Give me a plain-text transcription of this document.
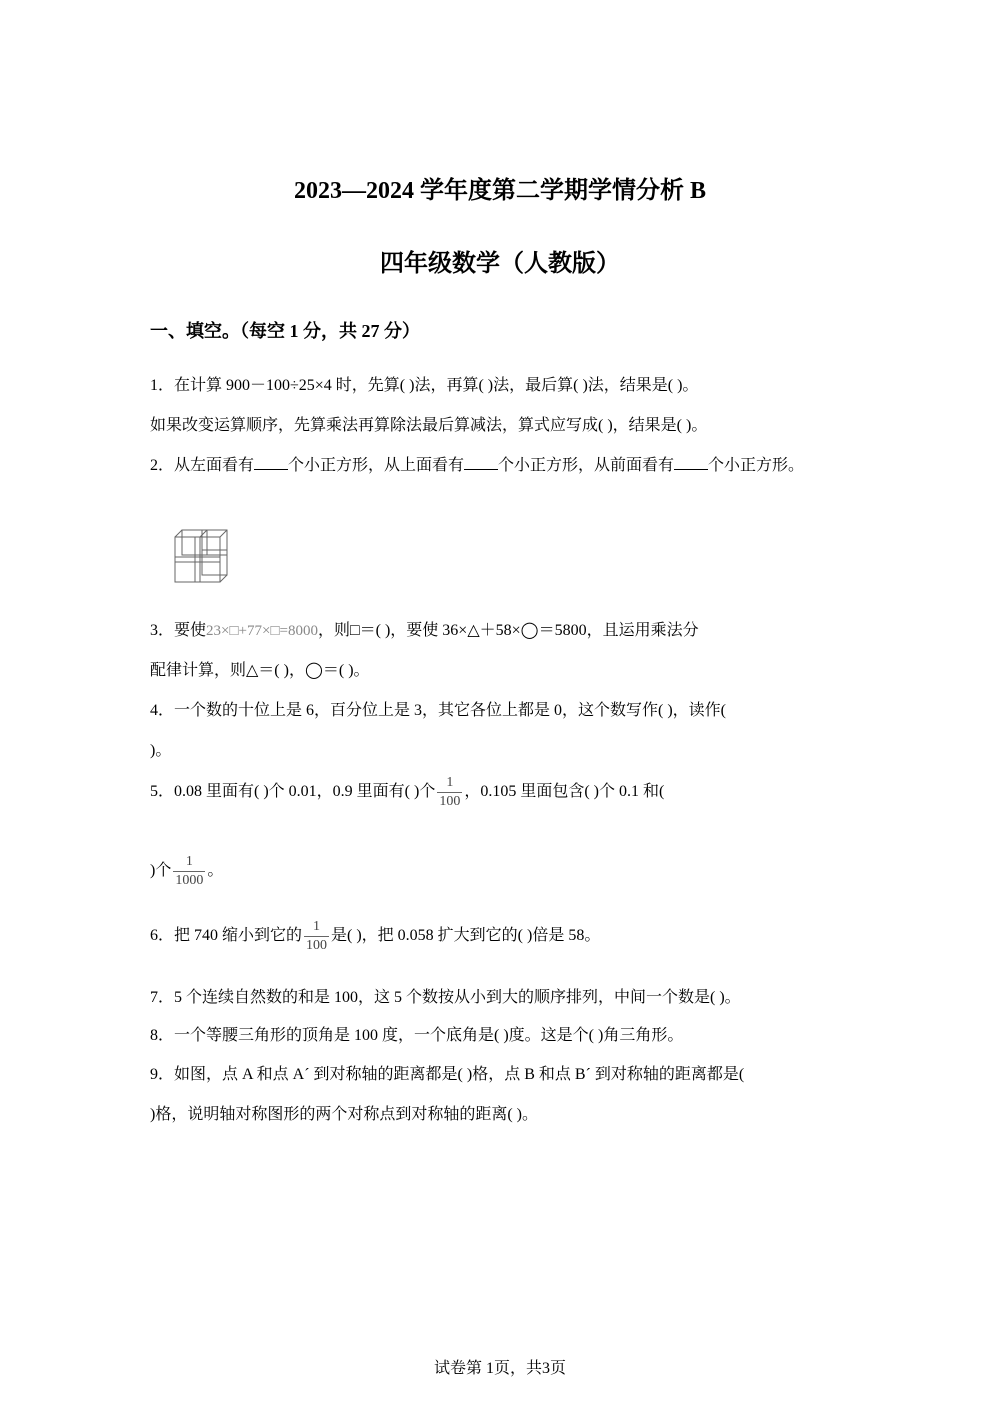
2023—2024 学年度第二学期学情分析 B
四年级数学（人教版）
一、填空。（每空 1 分，共 27 分）
1．在计算 900－100÷25×4 时，先算( )法，再算( )法，最后算( )法，结果是( )。
如果改变运算顺序，先算乘法再算除法最后算减法，算式应写成( )，结果是( )。
2．从左面看有 个小正方形，从上面看有 个小正方形，从前面看有 个小正方形。
3．要使23×□+77×□=8000，则□＝( )，要使 36×△＋58×◯＝5800，且运用乘法分
配律计算，则△＝( )，◯＝( )。
4．一个数的十位上是 6，百分位上是 3，其它各位上都是 0，这个数写作( )，读作(
)。
5．0.08 里面有( )个 0.01，0.9 里面有( )个 $\frac{1}{100}$ ，0.105 里面包含( )个 0.1 和(
)个 $\frac{1}{1000}$ 。
6．把 740 缩小到它的 $\frac{1}{100}$ 是( )，把 0.058 扩大到它的( )倍是 58。
7．5 个连续自然数的和是 100，这 5 个数按从小到大的顺序排列，中间一个数是( )。
8．一个等腰三角形的顶角是 100 度，一个底角是( )度。这是个( )角三角形。
9．如图，点 A 和点 A´ 到对称轴的距离都是( )格，点 B 和点 B´ 到对称轴的距离都是(
)格，说明轴对称图形的两个对称点到对称轴的距离( )。
试卷第 1页，共3页
